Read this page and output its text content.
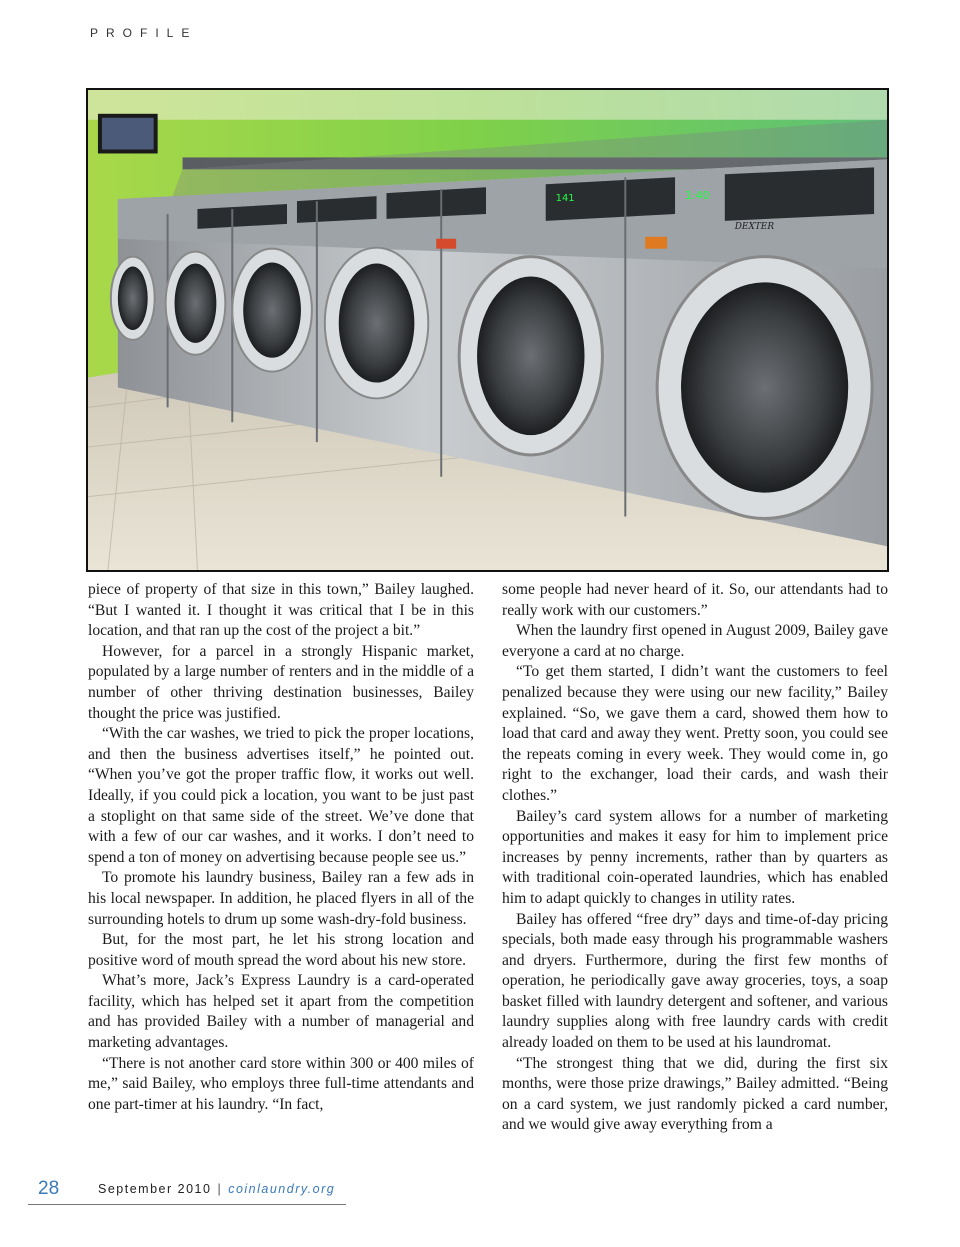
PROFILE
1:40
141
DEXTER

piece of property of that size in this town,” Bailey laughed. “But I wanted it. I thought it was critical that I be in this location, and that ran up the cost of the project a bit.”

However, for a parcel in a strongly Hispanic market, populated by a large number of renters and in the middle of a number of other thriving destination businesses, Bailey thought the price was justified.

“With the car washes, we tried to pick the proper locations, and then the business advertises itself,” he pointed out. “When you’ve got the proper traffic flow, it works out well. Ideally, if you could pick a location, you want to be just past a stoplight on that same side of the street. We’ve done that with a few of our car washes, and it works. I don’t need to spend a ton of money on advertising because people see us.”

To promote his laundry business, Bailey ran a few ads in his local newspaper. In addition, he placed flyers in all of the surrounding hotels to drum up some wash-dry-fold business.

But, for the most part, he let his strong location and positive word of mouth spread the word about his new store.

What’s more, Jack’s Express Laundry is a card-operated facility, which has helped set it apart from the competition and has provided Bailey with a number of managerial and marketing advantages.

“There is not another card store within 300 or 400 miles of me,” said Bailey, who employs three full-time attendants and one part-timer at his laundry. “In fact,

some people had never heard of it. So, our attendants had to really work with our customers.”

When the laundry first opened in August 2009, Bailey gave everyone a card at no charge.

“To get them started, I didn’t want the customers to feel penalized because they were using our new facility,” Bailey explained. “So, we gave them a card, showed them how to load that card and away they went. Pretty soon, you could see the repeats coming in every week. They would come in, go right to the exchanger, load their cards, and wash their clothes.”

Bailey’s card system allows for a number of marketing opportunities and makes it easy for him to implement price increases by penny increments, rather than by quarters as with traditional coin-operated laundries, which has enabled him to adapt quickly to changes in utility rates.

Bailey has offered “free dry” days and time-of-day pricing specials, both made easy through his programmable washers and dryers. Furthermore, during the first few months of operation, he periodically gave away groceries, toys, a soap basket filled with laundry detergent and softener, and various laundry supplies along with free laundry cards with credit already loaded on them to be used at his laundromat.

“The strongest thing that we did, during the first six months, were those prize drawings,” Bailey admitted. “Being on a card system, we just randomly picked a card number, and we would give away everything from a

28	September 2010 | coinlaundry.org
